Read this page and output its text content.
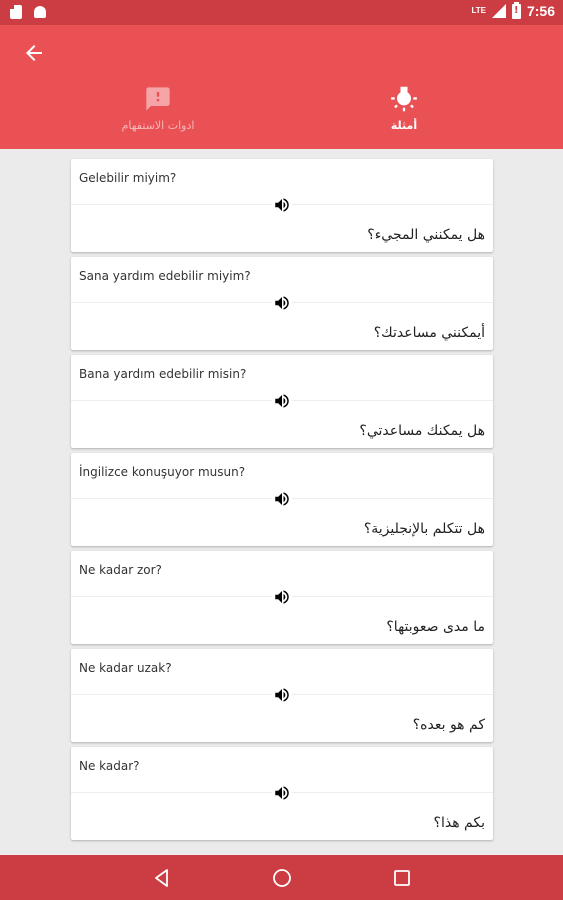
LTE
!	7:56
ادوات الاستفهام	أمثلة
Gelebilir miyim?
هل يمكنني المجيء؟
Sana yardım edebilir miyim?
أيمكنني مساعدتك؟
Bana yardım edebilir misin?
هل يمكنك مساعدتي؟
İngilizce konuşuyor musun?
هل تتكلم بالإنجليزية؟
Ne kadar zor?
ما مدى صعوبتها؟
Ne kadar uzak?
كم هو بعده؟
Ne kadar?
بكم هذا؟
